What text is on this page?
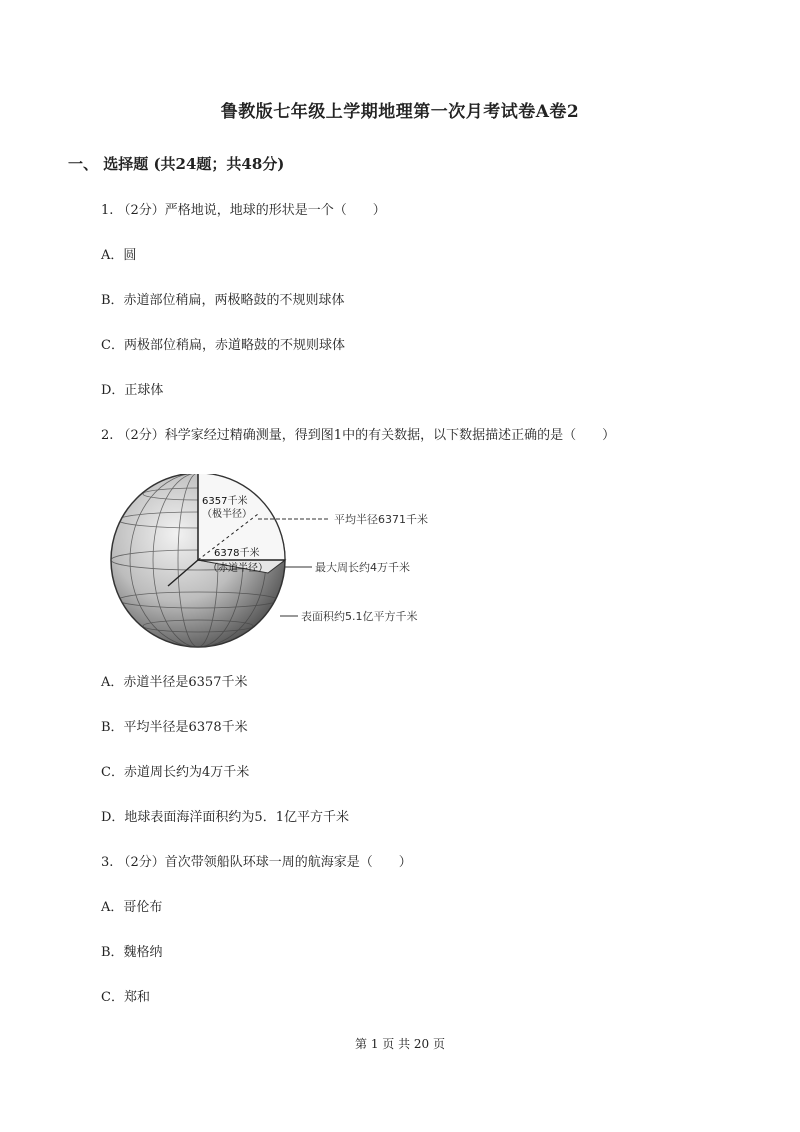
鲁教版七年级上学期地理第一次月考试卷A卷2
一、 选择题 (共24题；共48分)
1. （2分）严格地说，地球的形状是一个（　　）
A．圆
B．赤道部位稍扁，两极略鼓的不规则球体
C．两极部位稍扁，赤道略鼓的不规则球体
D．正球体
2. （2分）科学家经过精确测量，得到图1中的有关数据，以下数据描述正确的是（　　）
6357千米
（极半径）
6378千米
（赤道半径）
平均半径6371千米
最大周长约4万千米
表面积约5.1亿平方千米
A．赤道半径是6357千米
B．平均半径是6378千米
C．赤道周长约为4万千米
D．地球表面海洋面积约为5．1亿平方千米
3. （2分）首次带领船队环球一周的航海家是（　　）
A．哥伦布
B．魏格纳
C．郑和
第 1 页 共 20 页
